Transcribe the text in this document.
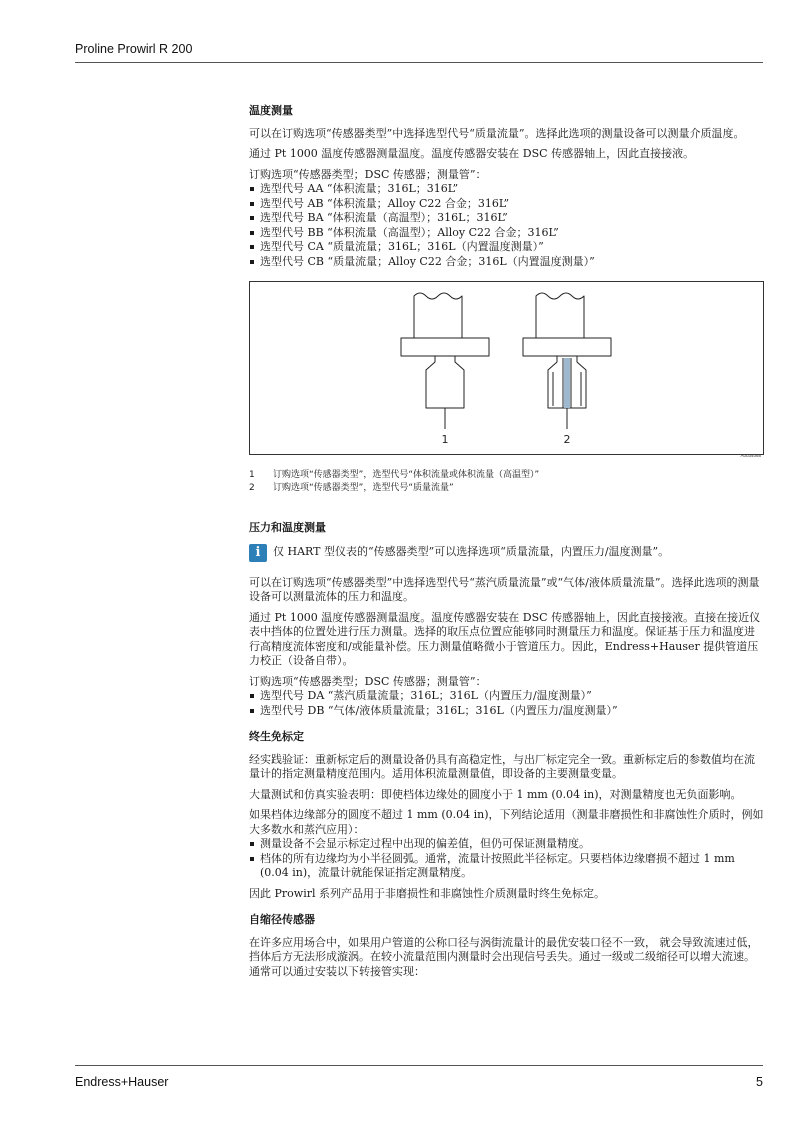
Proline Prowirl R 200
温度测量

可以在订购选项“传感器类型”中选择选型代号“质量流量”。选择此选项的测量设备可以测量介质温度。

通过 Pt 1000 温度传感器测量温度。温度传感器安装在 DSC 传感器轴上，因此直接接液。

订购选项“传感器类型；DSC 传感器；测量管”：
选型代号 AA “体积流量；316L；316L”
选型代号 AB “体积流量；Alloy C22 合金；316L”
选型代号 BA “体积流量（高温型）；316L；316L”
选型代号 BB “体积流量（高温型）；Alloy C22 合金；316L”
选型代号 CA “质量流量；316L；316L（内置温度测量）”
选型代号 CB “质量流量；Alloy C22 合金；316L（内置温度测量）”
1	2
A0034068
1	订购选项“传感器类型”，选型代号“体积流量或体积流量（高温型）”
2	订购选项“传感器类型”，选型代号“质量流量”
压力和温度测量
i
仅 HART 型仪表的“传感器类型”可以选择选项“质量流量，内置压力/温度测量”。

可以在订购选项“传感器类型”中选择选型代号“蒸汽质量流量”或“气体/液体质量流量”。选择此选项的测量设备可以测量流体的压力和温度。

通过 Pt 1000 温度传感器测量温度。温度传感器安装在 DSC 传感器轴上，因此直接接液。直接在接近仪表中挡体的位置处进行压力测量。选择的取压点位置应能够同时测量压力和温度。保证基于压力和温度进行高精度流体密度和/或能量补偿。压力测量值略微小于管道压力。因此，Endress+Hauser 提供管道压力校正（设备自带）。

订购选项“传感器类型；DSC 传感器；测量管”：
选型代号 DA “蒸汽质量流量；316L；316L（内置压力/温度测量）”
选型代号 DB “气体/液体质量流量；316L；316L（内置压力/温度测量）”
终生免标定

经实践验证：重新标定后的测量设备仍具有高稳定性，与出厂标定完全一致。重新标定后的参数值均在流量计的指定测量精度范围内。适用体积流量测量值，即设备的主要测量变量。

大量测试和仿真实验表明：即使档体边缘处的圆度小于 1 mm (0.04 in)，对测量精度也无负面影响。

如果档体边缘部分的圆度不超过 1 mm (0.04 in)，下列结论适用（测量非磨损性和非腐蚀性介质时，例如大多数水和蒸汽应用）：

测量设备不会显示标定过程中出现的偏差值，但仍可保证测量精度。
档体的所有边缘均为小半径圆弧。通常，流量计按照此半径标定。只要档体边缘磨损不超过 1 mm (0.04 in)，流量计就能保证指定测量精度。

因此 Prowirl 系列产品用于非磨损性和非腐蚀性介质测量时终生免标定。

自缩径传感器

在许多应用场合中，如果用户管道的公称口径与涡街流量计的最优安装口径不一致， 就会导致流速过低，挡体后方无法形成漩涡。在较小流量范围内测量时会出现信号丢失。通过一级或二级缩径可以增大流速。通常可以通过安装以下转接管实现：

Endress+Hauser	5
